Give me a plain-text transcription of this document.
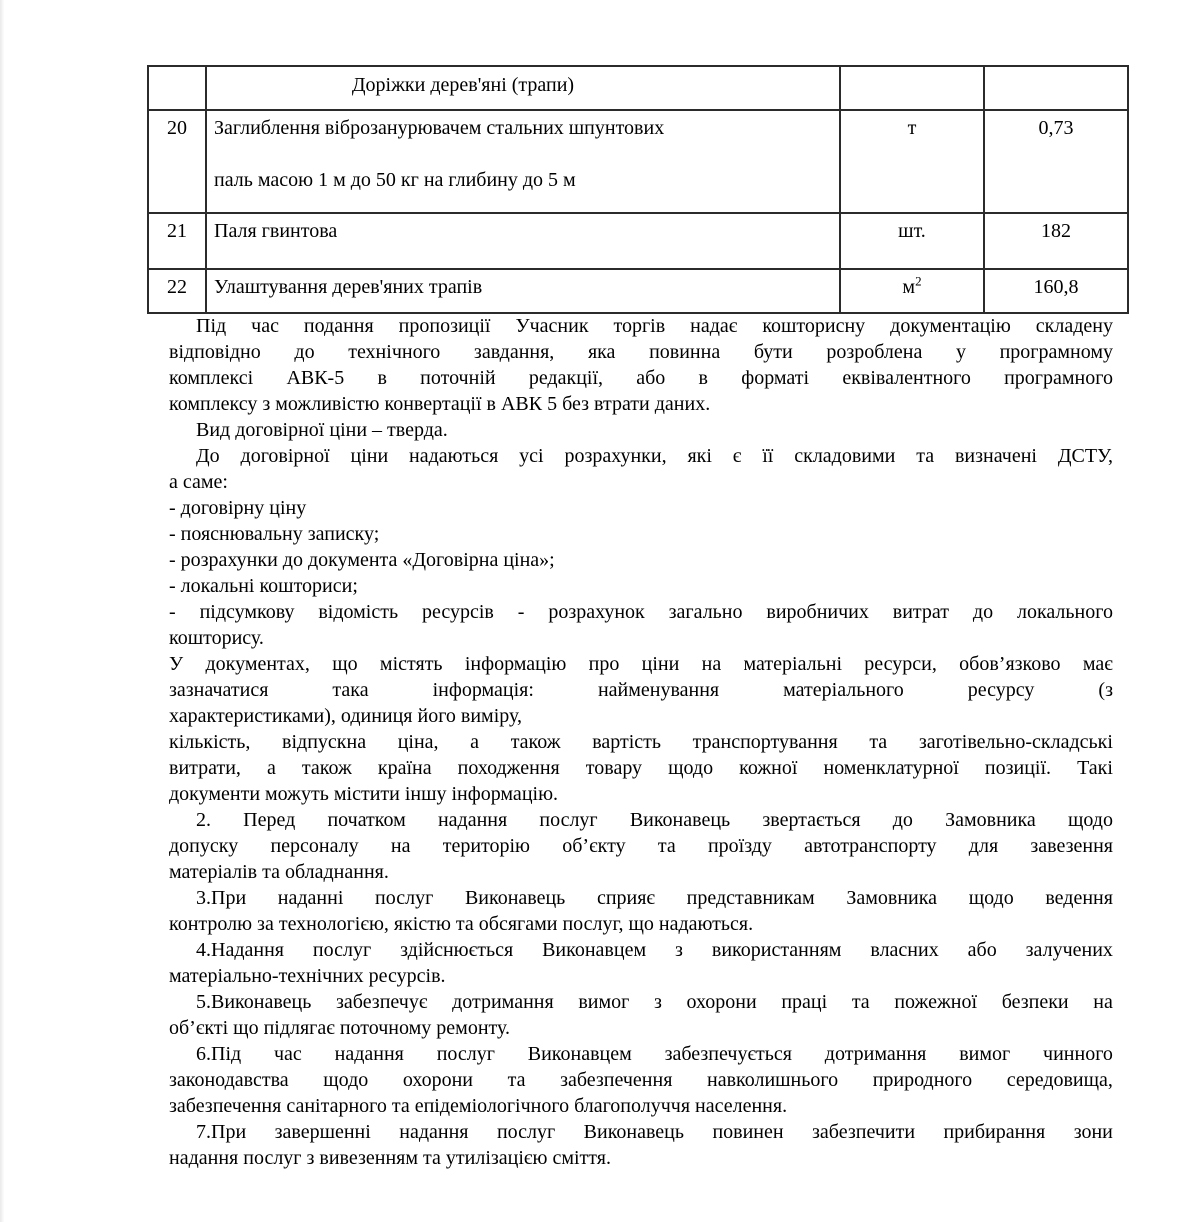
	Доріжки дерев'яні (трапи)		

20	Заглиблення вібрoзанурювачем стальних шпунтових
паль масою 1 м до 50 кг на глибину до 5 м	т	0,73

21	Паля гвинтова	шт.	182

22	Улаштування дерев'яних трапів	$м^2$	160,8
Під час подання пропозиції Учасник торгів надає кошторисну документацію складену
відповідно до технічного завдання, яка повинна бути розроблена у програмному
комплексі АВК-5 в поточній редакції, або в форматі еквівалентного програмного
комплексу з можливістю конвертації в АВК 5 без втрати даних.
Вид договірної ціни – тверда.
До договірної ціни надаються усі розрахунки, які є її складовими та визначені ДСТУ,
а саме:
- договірну ціну
- пояснювальну записку;
- розрахунки до документа «Договірна ціна»;
- локальні кошториси;
- підсумкову відомість ресурсів - розрахунок загально виробничих витрат до локального
кошторису.
У документах, що містять інформацію про ціни на матеріальні ресурси, обов’язково має
зазначатися	така	інформація:	найменування	матеріального	ресурсу	(з
характеристиками), одиниця його виміру,
кількість, відпускна ціна, а також вартість транспортування та заготівельно-складські
витрати, а також країна походження товару щодо кожної номенклатурної позиції. Такі
документи можуть містити іншу інформацію.
2. Перед початком надання послуг Виконавець звертається до Замовника щодо
допуску персоналу на територію об’єкту та проїзду автотранспорту для завезення
матеріалів та обладнання.
3.При наданні послуг Виконавець сприяє представникам Замовника щодо ведення
контролю за технологією, якістю та обсягами послуг, що надаються.
4.Надання послуг здійснюється Виконавцем з використанням власних або залучених
матеріально-технічних ресурсів.
5.Виконавець забезпечує дотримання вимог з охорони праці та пожежної безпеки на
об’єкті що підлягає поточному ремонту.
6.Під час надання послуг Виконавцем забезпечується дотримання вимог чинного
законодавства щодо охорони та забезпечення навколишнього природного середовища,
забезпечення санітарного та епідеміологічного благополуччя населення.
7.При завершенні надання послуг Виконавець повинен забезпечити прибирання зони
надання послуг з вивезенням та утилізацією сміття.
